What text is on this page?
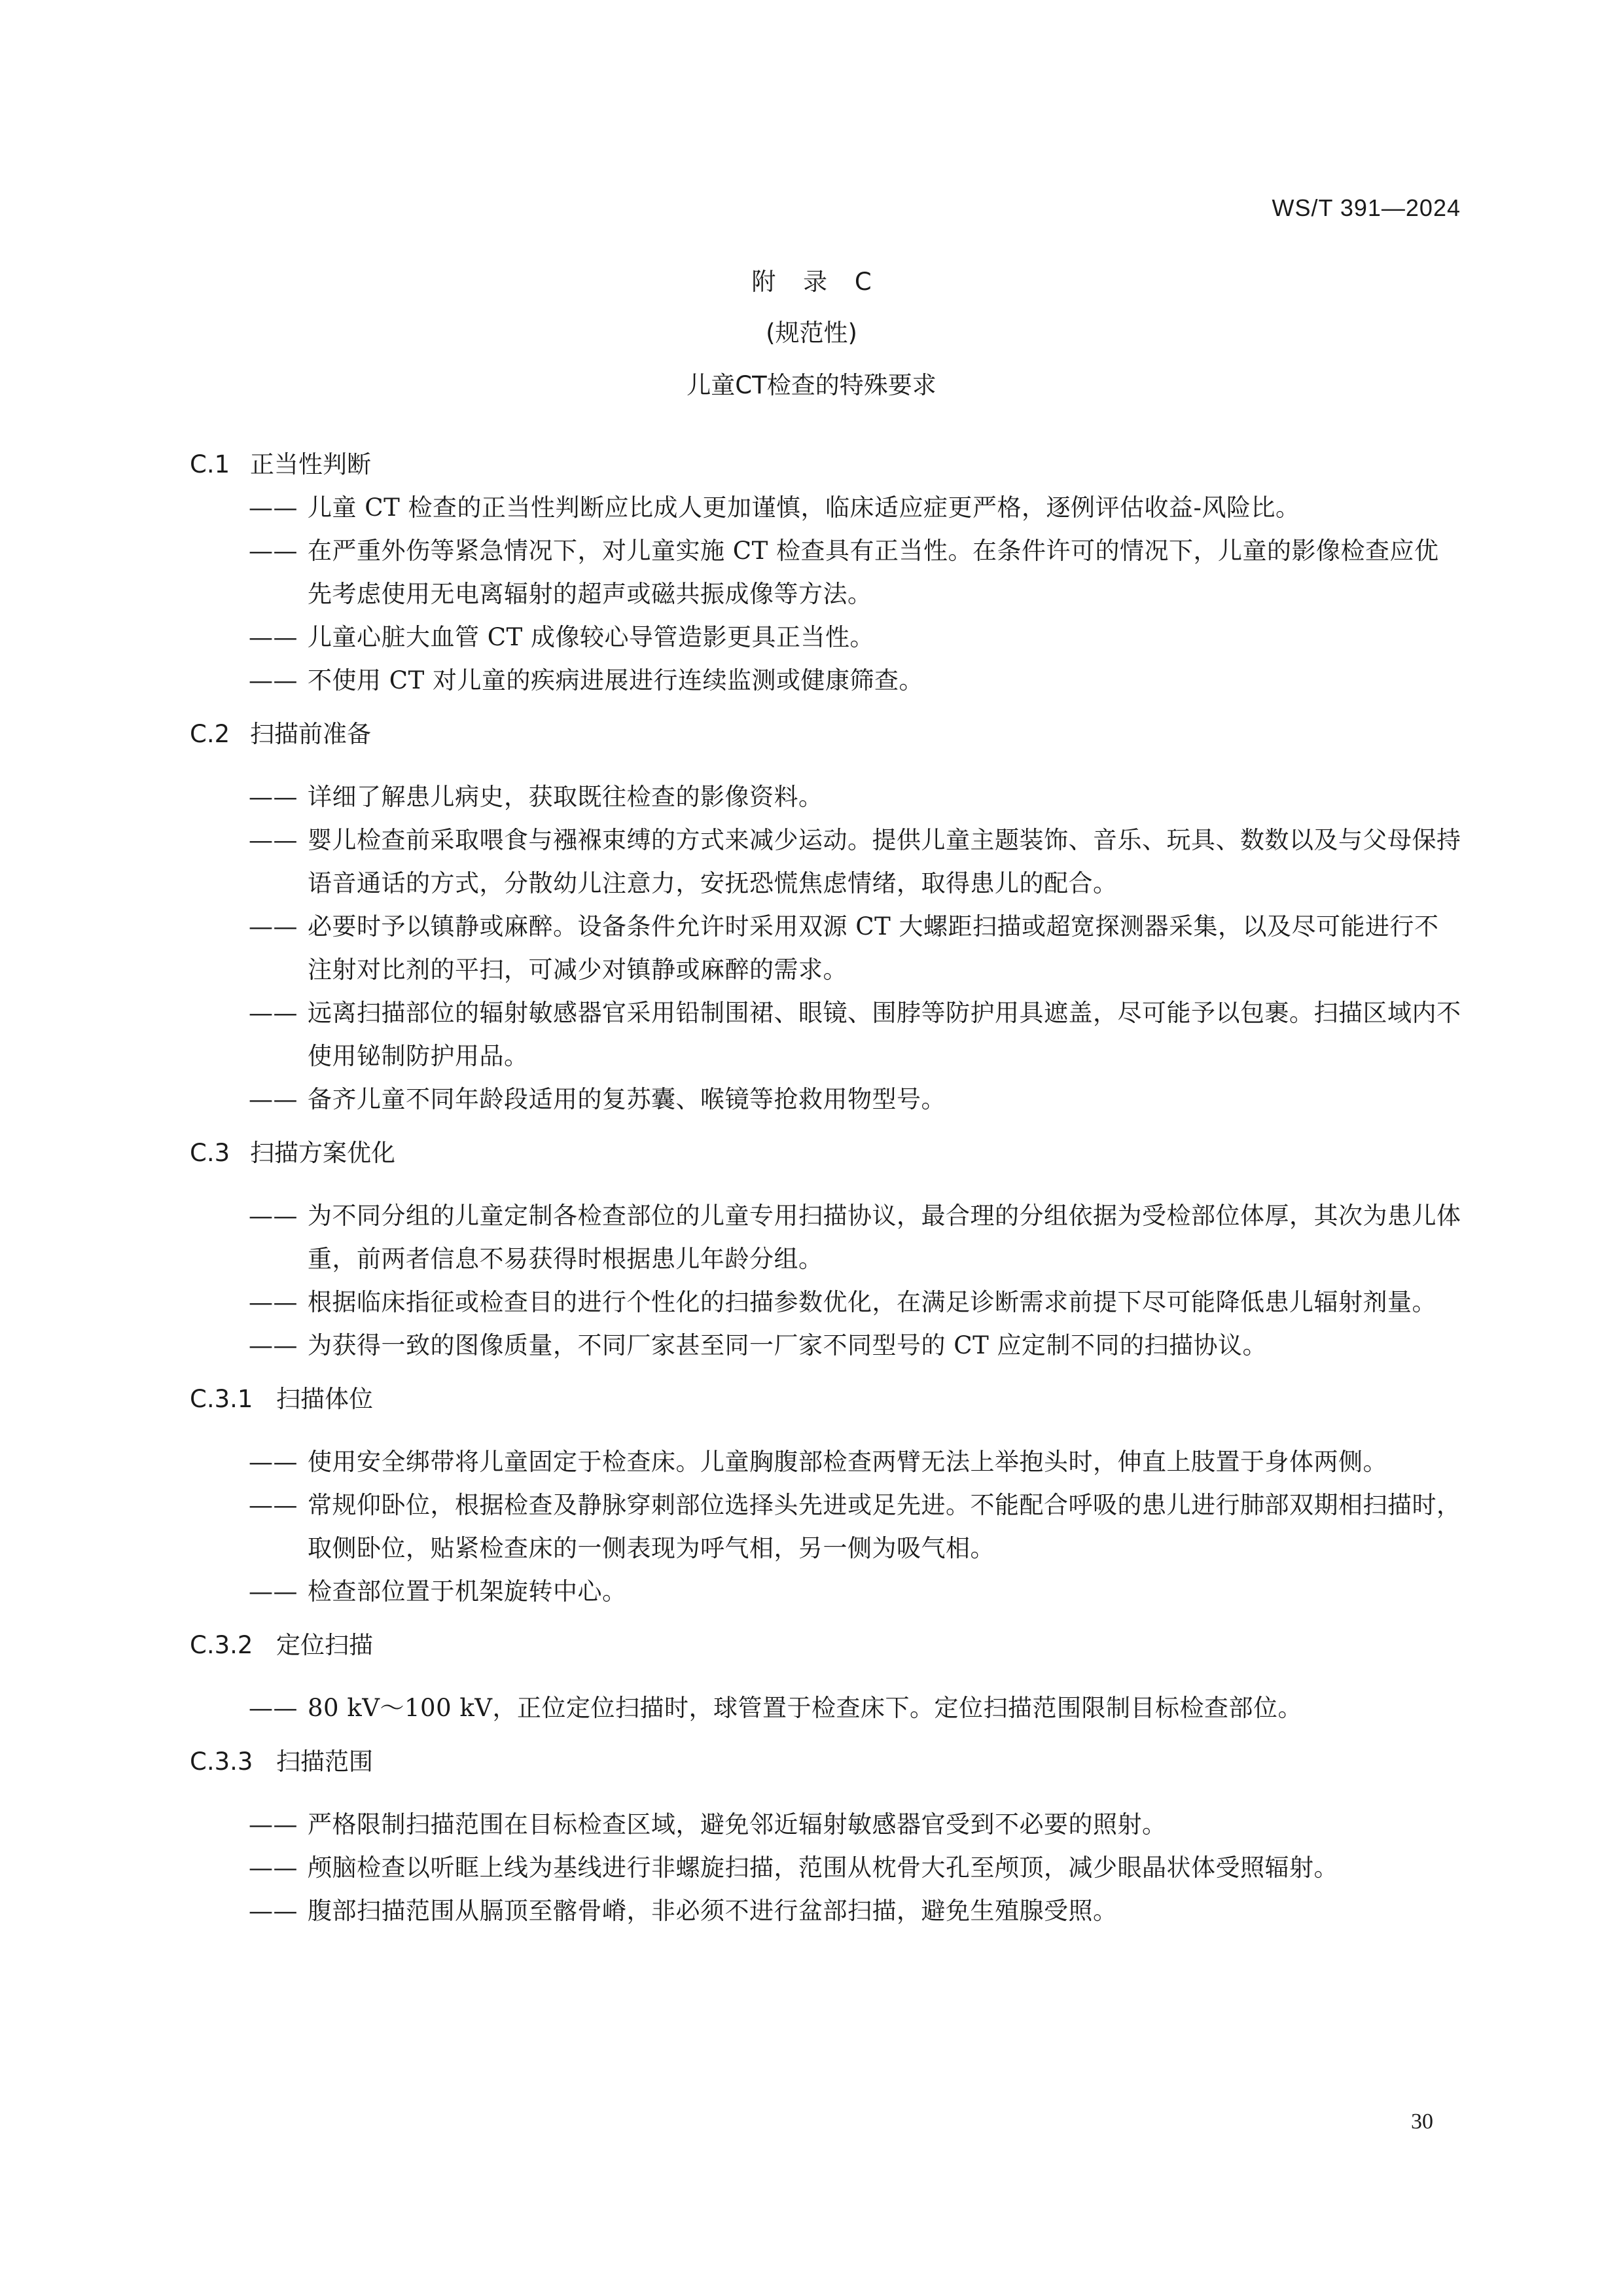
WS/T 391—2024
附 录 C
(规范性)
儿童CT检查的特殊要求
C.1 正当性判断
—— 儿童 CT 检查的正当性判断应比成人更加谨慎，临床适应症更严格，逐例评估收益-风险比。
—— 在严重外伤等紧急情况下，对儿童实施 CT 检查具有正当性。在条件许可的情况下，儿童的影像检查应优先考虑使用无电离辐射的超声或磁共振成像等方法。
—— 儿童心脏大血管 CT 成像较心导管造影更具正当性。
—— 不使用 CT 对儿童的疾病进展进行连续监测或健康筛查。
C.2 扫描前准备
—— 详细了解患儿病史，获取既往检查的影像资料。
—— 婴儿检查前采取喂食与襁褓束缚的方式来减少运动。提供儿童主题装饰、音乐、玩具、数数以及与父母保持语音通话的方式，分散幼儿注意力，安抚恐慌焦虑情绪，取得患儿的配合。
—— 必要时予以镇静或麻醉。设备条件允许时采用双源 CT 大螺距扫描或超宽探测器采集，以及尽可能进行不注射对比剂的平扫，可减少对镇静或麻醉的需求。
—— 远离扫描部位的辐射敏感器官采用铅制围裙、眼镜、围脖等防护用具遮盖，尽可能予以包裹。扫描区域内不使用铋制防护用品。
—— 备齐儿童不同年龄段适用的复苏囊、喉镜等抢救用物型号。
C.3 扫描方案优化
—— 为不同分组的儿童定制各检查部位的儿童专用扫描协议，最合理的分组依据为受检部位体厚，其次为患儿体重，前两者信息不易获得时根据患儿年龄分组。
—— 根据临床指征或检查目的进行个性化的扫描参数优化，在满足诊断需求前提下尽可能降低患儿辐射剂量。
—— 为获得一致的图像质量，不同厂家甚至同一厂家不同型号的 CT 应定制不同的扫描协议。
C.3.1 扫描体位
—— 使用安全绑带将儿童固定于检查床。儿童胸腹部检查两臂无法上举抱头时，伸直上肢置于身体两侧。
—— 常规仰卧位，根据检查及静脉穿刺部位选择头先进或足先进。不能配合呼吸的患儿进行肺部双期相扫描时，取侧卧位，贴紧检查床的一侧表现为呼气相，另一侧为吸气相。
—— 检查部位置于机架旋转中心。
C.3.2 定位扫描
—— 80 kV～100 kV，正位定位扫描时，球管置于检查床下。定位扫描范围限制目标检查部位。
C.3.3 扫描范围
—— 严格限制扫描范围在目标检查区域，避免邻近辐射敏感器官受到不必要的照射。
—— 颅脑检查以听眶上线为基线进行非螺旋扫描，范围从枕骨大孔至颅顶，减少眼晶状体受照辐射。
—— 腹部扫描范围从膈顶至髂骨嵴，非必须不进行盆部扫描，避免生殖腺受照。
30
